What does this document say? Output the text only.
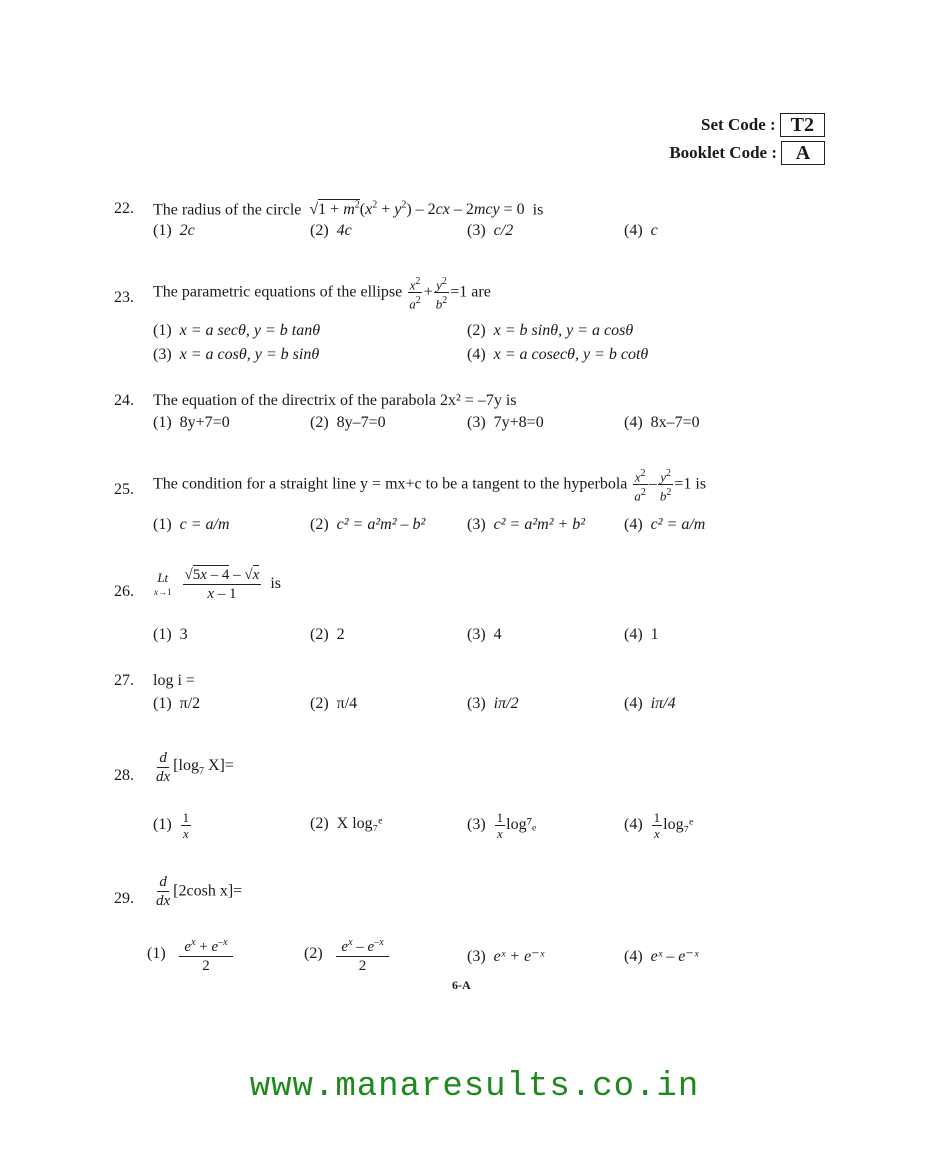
Set Code : T2
Booklet Code : A
22. The radius of the circle  $√1 + m^2(x^2 + y^2) - 2cx - 2mcy = 0$  is
(1) 2c	(2) 4c	(3) c/2	(4) c
23. The parametric equations of the ellipse $\frac{x^2}{a^2} + \frac{y^2}{b^2} =1$ are
(1) x = a secθ, y = b tanθ	(2) x = b sinθ, y = a cosθ
(3) x = a cosθ, y = b sinθ	(4) x = a cosecθ, y = b cotθ
24. The equation of the directrix of the parabola 2x² = –7y is
(1) 8y+7=0	(2) 8y–7=0	(3) 7y+8=0	(4) 8x–7=0
25. The condition for a straight line y = mx+c to be a tangent to the hyperbola $\frac{x^2}{a^2} - \frac{y^2}{b^2} =1$ is
(1) c = a/m	(2) c² = a²m² – b²	(3) c² = a²m² + b² (4) c² = a/m
26.
Lt
x→1
$\frac{√5x - 4 - √x}{x - 1}$ is
(1) 3	(2) 2	(3) 4	(4) 1
27. log i =
(1) π/2	(2) π/4	(3) iπ/2	(4) iπ/4
28. $\frac{d}{dx} [\log_7$ X]=
$(1) \frac{1}{x}$	(2) X log₇ᵉ	$(3) \frac{1}{x} \log^7_e$	$(4) \frac{1}{x}$ log₇ᵉ
29. $\frac{d}{dx} [2\cosh$ x]=
$(1) \frac{e^x + e^{-x}}{2}$	$(2) \frac{e^x - e^{-x}}{2}$	(3) eˣ + e⁻ˣ	(4) eˣ – e⁻ˣ
6-A
www.manaresults.co.in
